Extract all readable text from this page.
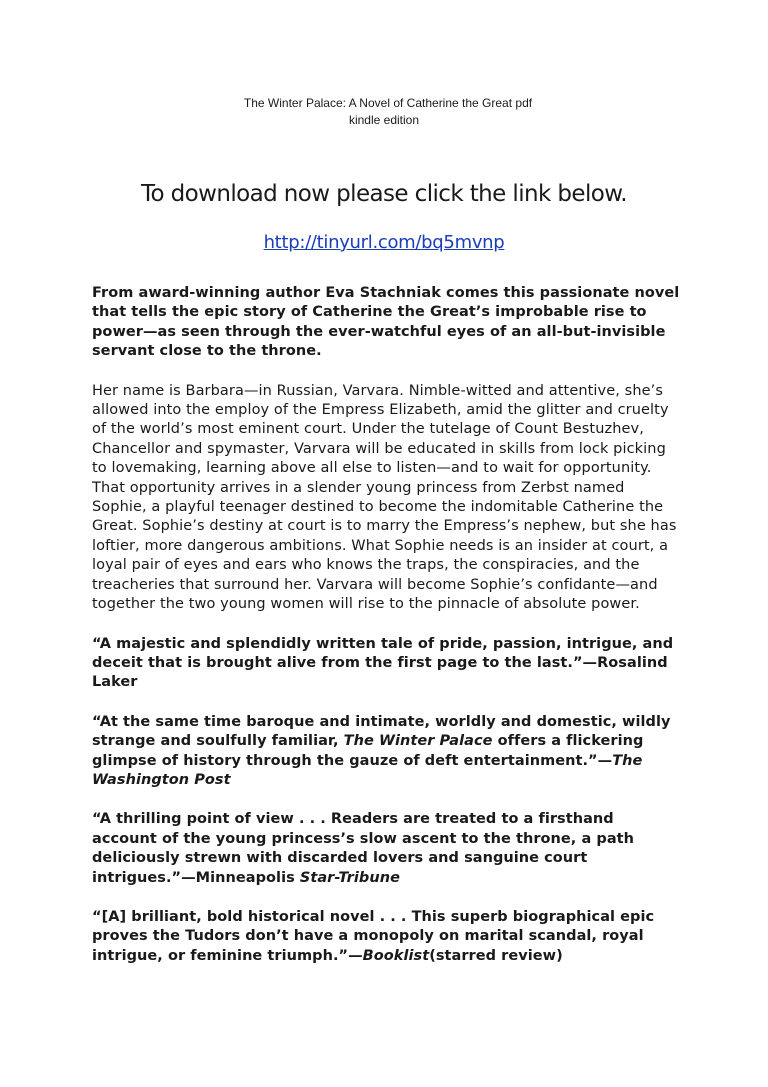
The Winter Palace: A Novel of Catherine the Great pdf
kindle edition
To download now please click the link below.
http://tinyurl.com/bq5mvnp

From award-winning author Eva Stachniak comes this passionate novel that tells the epic story of Catherine the Great’s improbable rise to power—as seen through the ever-watchful eyes of an all-but-invisible servant close to the throne.

Her name is Barbara—in Russian, Varvara. Nimble-witted and attentive, she’s allowed into the employ of the Empress Elizabeth, amid the glitter and cruelty of the world’s most eminent court. Under the tutelage of Count Bestuzhev, Chancellor and spymaster, Varvara will be educated in skills from lock picking to lovemaking, learning above all else to listen—and to wait for opportunity. That opportunity arrives in a slender young princess from Zerbst named Sophie, a playful teenager destined to become the indomitable Catherine the Great. Sophie’s destiny at court is to marry the Empress’s nephew, but she has loftier, more dangerous ambitions. What Sophie needs is an insider at court, a loyal pair of eyes and ears who knows the traps, the conspiracies, and the treacheries that surround her. Varvara will become Sophie’s confidante—and together the two young women will rise to the pinnacle of absolute power.

“A majestic and splendidly written tale of pride, passion, intrigue, and deceit that is brought alive from the first page to the last.”—Rosalind Laker

“At the same time baroque and intimate, worldly and domestic, wildly strange and soulfully familiar, The Winter Palace offers a flickering glimpse of history through the gauze of deft entertainment.”—The Washington Post

“A thrilling point of view . . . Readers are treated to a firsthand account of the young princess’s slow ascent to the throne, a path deliciously strewn with discarded lovers and sanguine court intrigues.”—Minneapolis Star-Tribune

“[A] brilliant, bold historical novel . . . This superb biographical epic proves the Tudors don’t have a monopoly on marital scandal, royal intrigue, or feminine triumph.”—Booklist(starred review)
